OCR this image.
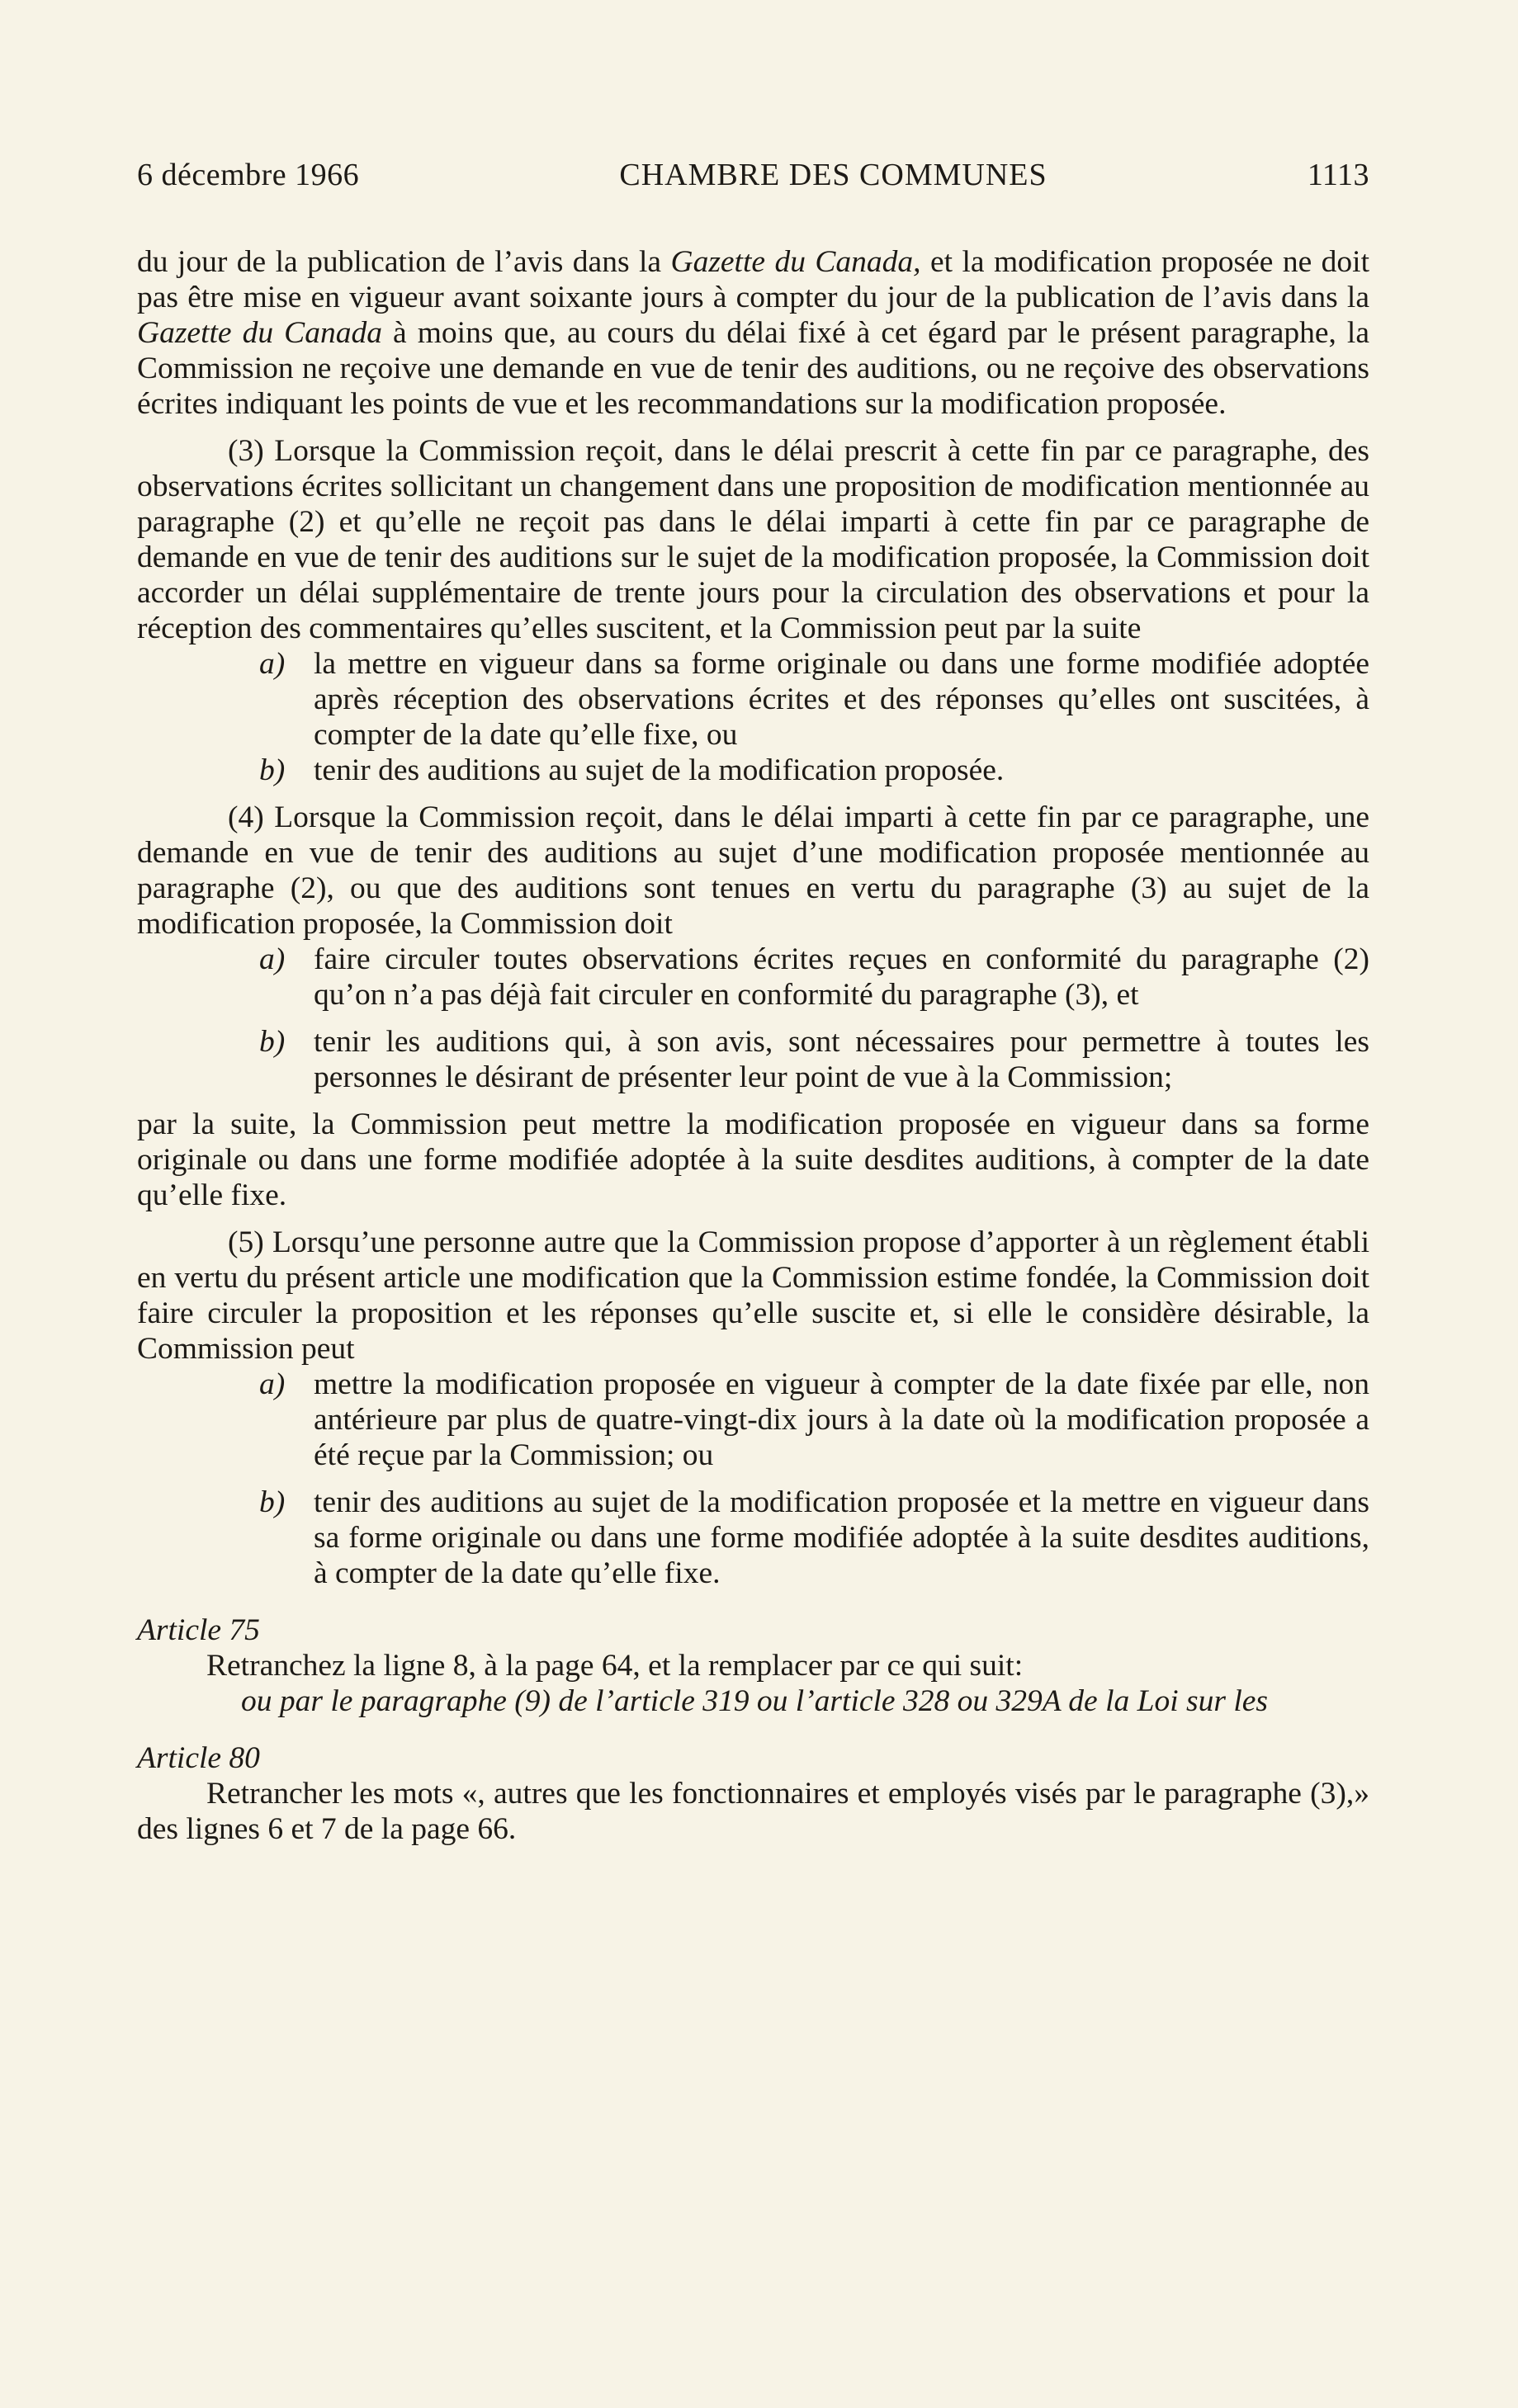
6 décembre 1966	CHAMBRE DES COMMUNES	1113

du jour de la publication de l’avis dans la Gazette du Canada, et la modification proposée ne doit pas être mise en vigueur avant soixante jours à compter du jour de la publication de l’avis dans la Gazette du Canada à moins que, au cours du délai fixé à cet égard par le présent paragraphe, la Commission ne reçoive une demande en vue de tenir des auditions, ou ne reçoive des observations écrites indiquant les points de vue et les recommandations sur la modification proposée.

(3) Lorsque la Commission reçoit, dans le délai prescrit à cette fin par ce paragraphe, des observations écrites sollicitant un changement dans une proposition de modification mentionnée au paragraphe (2) et qu’elle ne reçoit pas dans le délai imparti à cette fin par ce paragraphe de demande en vue de tenir des auditions sur le sujet de la modification proposée, la Commission doit accorder un délai supplémentaire de trente jours pour la circulation des observations et pour la réception des commentaires qu’elles suscitent, et la Commission peut par la suite

a) la mettre en vigueur dans sa forme originale ou dans une forme modifiée adoptée après réception des observations écrites et des réponses qu’elles ont suscitées, à compter de la date qu’elle fixe, ou
b) tenir des auditions au sujet de la modification proposée.

(4) Lorsque la Commission reçoit, dans le délai imparti à cette fin par ce paragraphe, une demande en vue de tenir des auditions au sujet d’une modification proposée mentionnée au paragraphe (2), ou que des auditions sont tenues en vertu du paragraphe (3) au sujet de la modification proposée, la Commission doit

a) faire circuler toutes observations écrites reçues en conformité du paragraphe (2) qu’on n’a pas déjà fait circuler en conformité du paragraphe (3), et
b) tenir les auditions qui, à son avis, sont nécessaires pour permettre à toutes les personnes le désirant de présenter leur point de vue à la Commission;

par la suite, la Commission peut mettre la modification proposée en vigueur dans sa forme originale ou dans une forme modifiée adoptée à la suite desdites auditions, à compter de la date qu’elle fixe.

(5) Lorsqu’une personne autre que la Commission propose d’apporter à un règlement établi en vertu du présent article une modification que la Commission estime fondée, la Commission doit faire circuler la proposition et les réponses qu’elle suscite et, si elle le considère désirable, la Commission peut

a) mettre la modification proposée en vigueur à compter de la date fixée par elle, non antérieure par plus de quatre-vingt-dix jours à la date où la modification proposée a été reçue par la Commission; ou
b) tenir des auditions au sujet de la modification proposée et la mettre en vigueur dans sa forme originale ou dans une forme modifiée adoptée à la suite desdites auditions, à compter de la date qu’elle fixe.

Article 75

Retranchez la ligne 8, à la page 64, et la remplacer par ce qui suit:

ou par le paragraphe (9) de l’article 319 ou l’article 328 ou 329A de la Loi sur les

Article 80

Retrancher les mots «, autres que les fonctionnaires et employés visés par le paragraphe (3),» des lignes 6 et 7 de la page 66.
